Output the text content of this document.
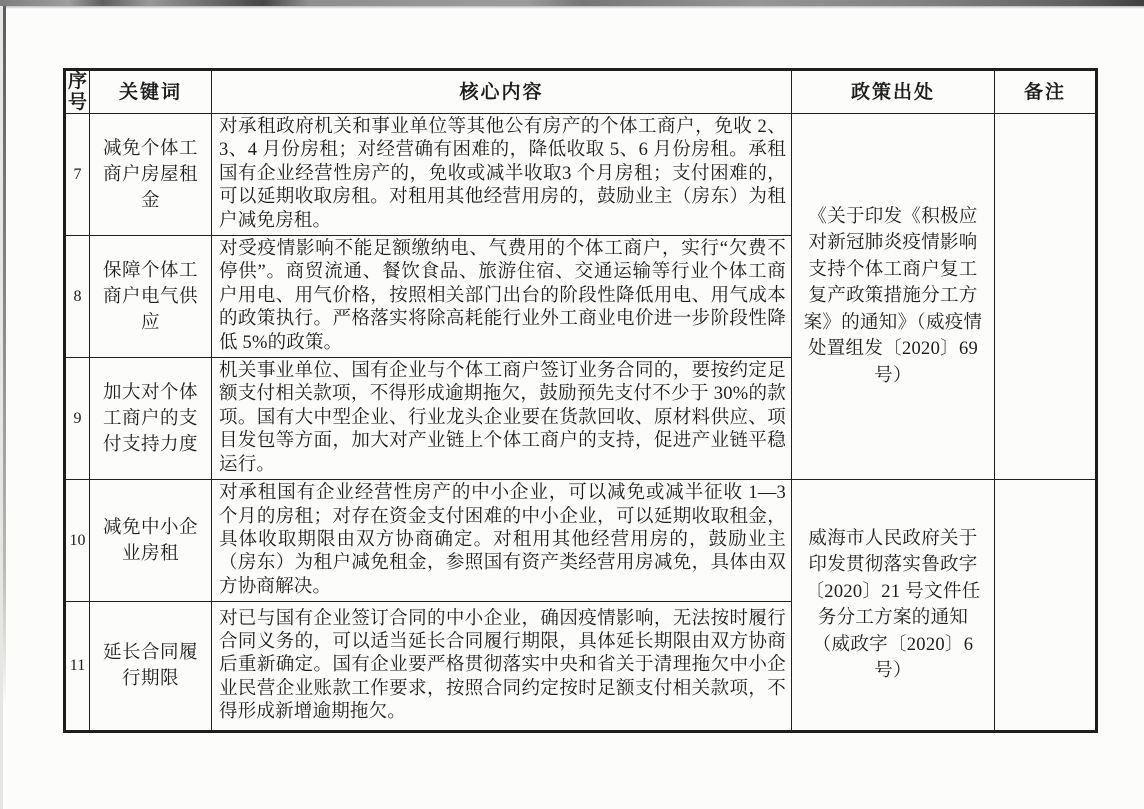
序号	关键词	核心内容	政策出处	备注
7	减免个体工商户房屋租金	对承租政府机关和事业单位等其他公有房产的个体工商户，免收 2、3、4 月份房租；对经营确有困难的，降低收取 5、6 月份房租。承租国有企业经营性房产的，免收或减半收取3 个月房租；支付困难的，可以延期收取房租。对租用其他经营用房的，鼓励业主（房东）为租户减免房租。	《关于印发《积极应对新冠肺炎疫情影响支持个体工商户复工复产政策措施分工方案》的通知》（威疫情处置组发〔2020〕69号）	
8	保障个体工商户电气供应	对受疫情影响不能足额缴纳电、气费用的个体工商户，实行“欠费不停供”。商贸流通、餐饮食品、旅游住宿、交通运输等行业个体工商户用电、用气价格，按照相关部门出台的阶段性降低用电、用气成本的政策执行。严格落实将除高耗能行业外工商业电价进一步阶段性降低 5%的政策。		
9	加大对个体工商户的支付支持力度	机关事业单位、国有企业与个体工商户签订业务合同的，要按约定足额支付相关款项，不得形成逾期拖欠，鼓励预先支付不少于 30%的款项。国有大中型企业、行业龙头企业要在货款回收、原材料供应、项目发包等方面，加大对产业链上个体工商户的支持，促进产业链平稳运行。		
10	减免中小企业房租	对承租国有企业经营性房产的中小企业，可以减免或减半征收 1—3 个月的房租；对存在资金支付困难的中小企业，可以延期收取租金，具体收取期限由双方协商确定。对租用其他经营用房的，鼓励业主（房东）为租户减免租金，参照国有资产类经营用房减免，具体由双方协商解决。	威海市人民政府关于印发贯彻落实鲁政字〔2020〕21 号文件任务分工方案的通知（威政字〔2020〕6号）	
11	延长合同履行期限	对已与国有企业签订合同的中小企业，确因疫情影响，无法按时履行合同义务的，可以适当延长合同履行期限，具体延长期限由双方协商后重新确定。国有企业要严格贯彻落实中央和省关于清理拖欠中小企业民营企业账款工作要求，按照合同约定按时足额支付相关款项，不得形成新增逾期拖欠。		
